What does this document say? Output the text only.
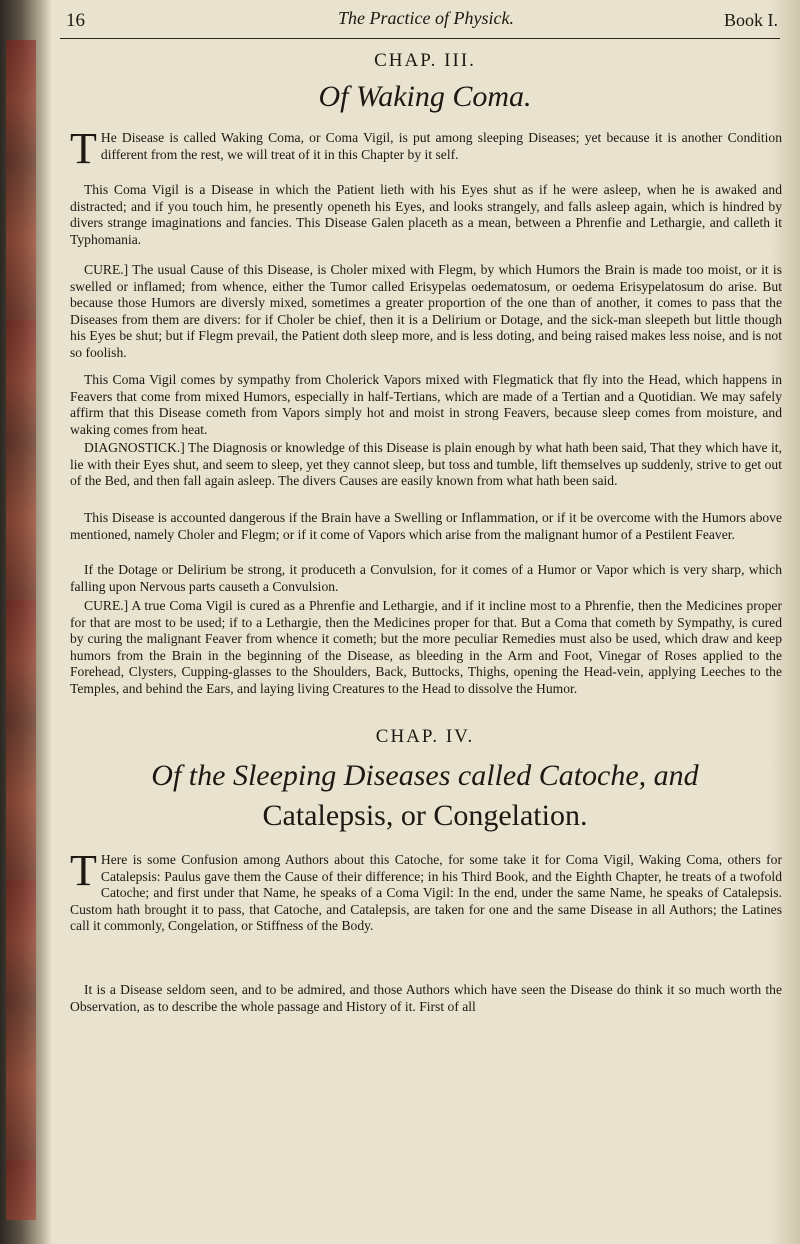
16	The Practice of Physick.	Book I.
CHAP. III.
Of Waking Coma.

T He Disease is called Waking Coma, or Coma Vigil, is put among sleeping Diseases; yet because it is another Condition different from the rest, we will treat of it in this Chapter by it self.

This Coma Vigil is a Disease in which the Patient lieth with his Eyes shut as if he were asleep, when he is awaked and distracted; and if you touch him, he presently openeth his Eyes, and looks strangely, and falls asleep again, which is hindred by divers strange imaginations and fancies. This Disease Galen placeth as a mean, between a Phrenfie and Lethargie, and calleth it Typhomania.

CURE.] The usual Cause of this Disease, is Choler mixed with Flegm, by which Humors the Brain is made too moist, or it is swelled or inflamed; from whence, either the Tumor called Erisypelas oedematosum, or oedema Erisypelatosum do arise. But because those Humors are diversly mixed, sometimes a greater proportion of the one than of another, it comes to pass that the Diseases from them are divers: for if Choler be chief, then it is a Delirium or Dotage, and the sick-man sleepeth but little though his Eyes be shut; but if Flegm prevail, the Patient doth sleep more, and is less doting, and being raised makes less noise, and is not so foolish.

This Coma Vigil comes by sympathy from Cholerick Vapors mixed with Flegmatick that fly into the Head, which happens in Feavers that come from mixed Humors, especially in half-Tertians, which are made of a Tertian and a Quotidian. We may safely affirm that this Disease cometh from Vapors simply hot and moist in strong Feavers, because sleep comes from moisture, and waking comes from heat.

DIAGNOSTICK.] The Diagnosis or knowledge of this Disease is plain enough by what hath been said, That they which have it, lie with their Eyes shut, and seem to sleep, yet they cannot sleep, but toss and tumble, lift themselves up suddenly, strive to get out of the Bed, and then fall again asleep. The divers Causes are easily known from what hath been said.

This Disease is accounted dangerous if the Brain have a Swelling or Inflammation, or if it be overcome with the Humors above mentioned, namely Choler and Flegm; or if it come of Vapors which arise from the malignant humor of a Pestilent Feaver.

If the Dotage or Delirium be strong, it produceth a Convulsion, for it comes of a Humor or Vapor which is very sharp, which falling upon Nervous parts causeth a Convulsion.

CURE.] A true Coma Vigil is cured as a Phrenfie and Lethargie, and if it incline most to a Phrenfie, then the Medicines proper for that are most to be used; if to a Lethargie, then the Medicines proper for that. But a Coma that cometh by Sympathy, is cured by curing the malignant Feaver from whence it cometh; but the more peculiar Remedies must also be used, which draw and keep humors from the Brain in the beginning of the Disease, as bleeding in the Arm and Foot, Vinegar of Roses applied to the Forehead, Clysters, Cupping-glasses to the Shoulders, Back, Buttocks, Thighs, opening the Head-vein, applying Leeches to the Temples, and behind the Ears, and laying living Creatures to the Head to dissolve the Humor.

CHAP. IV.
Of the Sleeping Diseases called Catoche, and
Catalepsis, or Congelation.

T Here is some Confusion among Authors about this Catoche, for some take it for Coma Vigil, Waking Coma, others for Catalepsis: Paulus gave them the Cause of their difference; in his Third Book, and the Eighth Chapter, he treats of a twofold Catoche; and first under that Name, he speaks of a Coma Vigil: In the end, under the same Name, he speaks of Catalepsis. Custom hath brought it to pass, that Catoche, and Catalepsis, are taken for one and the same Disease in all Authors; the Latines call it commonly, Congelation, or Stiffness of the Body.

It is a Disease seldom seen, and to be admired, and those Authors which have seen the Disease do think it so much worth the Observation, as to describe the whole passage and History of it. First of all
